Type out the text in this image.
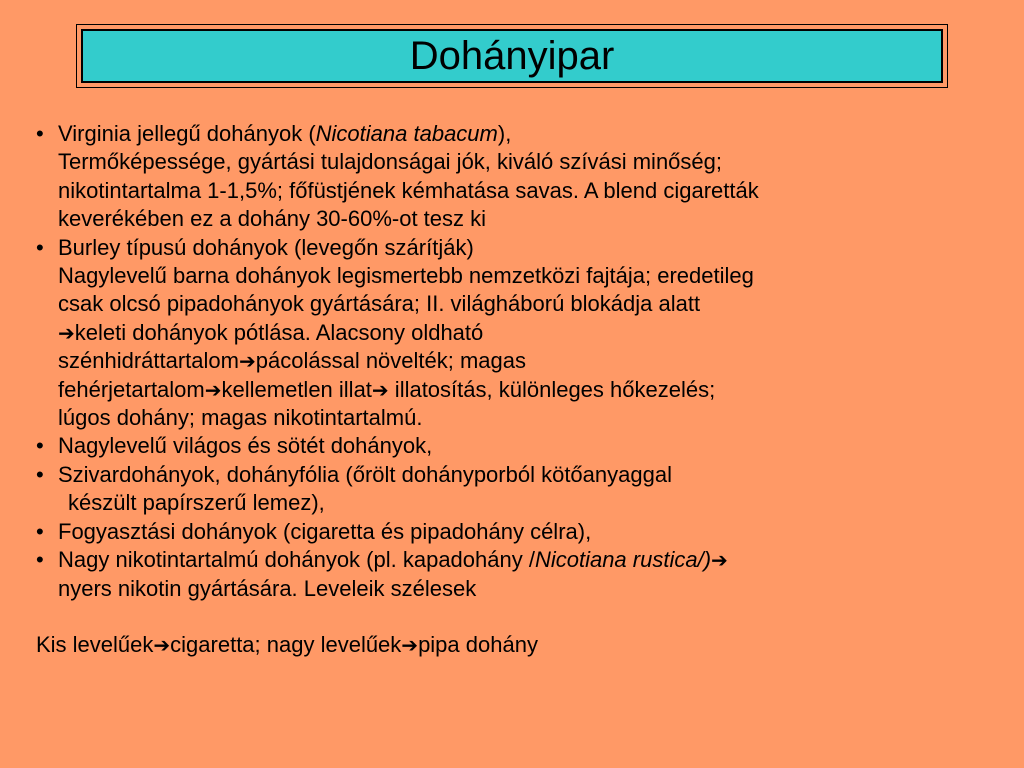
Dohányipar
• Virginia jellegű dohányok (Nicotiana tabacum),
Termőképessége, gyártási tulajdonságai jók, kiváló szívási minőség;
nikotintartalma 1-1,5%; főfüstjének kémhatása savas. A blend cigaretták
keverékében ez a dohány 30-60%-ot tesz ki
• Burley típusú dohányok (levegőn szárítják)
Nagylevelű barna dohányok legismertebb nemzetközi fajtája; eredetileg
csak olcsó pipadohányok gyártására; II. világháború blokádja alatt
➔keleti dohányok pótlása. Alacsony oldható
szénhidráttartalom➔pácolással növelték; magas
fehérjetartalom➔kellemetlen illat➔ illatosítás, különleges hőkezelés;
lúgos dohány; magas nikotintartalmú.
• Nagylevelű világos és sötét dohányok,
• Szivardohányok, dohányfólia (őrölt dohányporból kötőanyaggal
készült papírszerű lemez),
• Fogyasztási dohányok (cigaretta és pipadohány célra),
• Nagy nikotintartalmú dohányok (pl. kapadohány /Nicotiana rustica/)➔
nyers nikotin gyártására. Leveleik szélesek
Kis levelűek➔cigaretta; nagy levelűek➔pipa dohány
